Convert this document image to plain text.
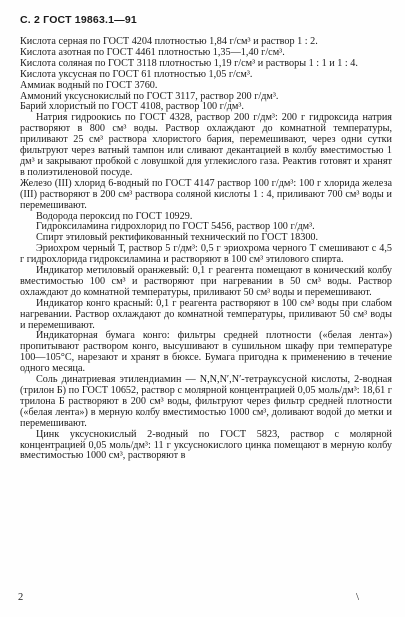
С. 2 ГОСТ 19863.1—91

Кислота серная по ГОСТ 4204 плотностью 1,84 г/см³ и раствор 1 : 2.

Кислота азотная по ГОСТ 4461 плотностью 1,35—1,40 г/см³.

Кислота соляная по ГОСТ 3118 плотностью 1,19 г/см³ и растворы 1 : 1 и 1 : 4.

Кислота уксусная по ГОСТ 61 плотностью 1,05 г/см³.

Аммиак водный по ГОСТ 3760.

Аммоний уксуснокислый по ГОСТ 3117, раствор 200 г/дм³.

Барий хлористый по ГОСТ 4108, раствор 100 г/дм³.

Натрия гидроокись по ГОСТ 4328, раствор 200 г/дм³: 200 г гидроксида натрия растворяют в 800 см³ воды. Раствор охлаждают до комнатной температуры, приливают 25 см³ раствора хлористого бария, перемешивают, через одни сутки фильтруют через ватный тампон или сливают декантацией в колбу вместимостью 1 дм³ и закрывают пробкой с ловушкой для углекислого газа. Реактив готовят и хранят в полиэтиленовой посуде.

Железо (III) хлорид 6-водный по ГОСТ 4147 раствор 100 г/дм³: 100 г хлорида железа (III) растворяют в 200 см³ раствора соляной кислоты 1 : 4, приливают 700 см³ воды и перемешивают.

Водорода пероксид по ГОСТ 10929.

Гидроксиламина гидрохлорид по ГОСТ 5456, раствор 100 г/дм³.

Спирт этиловый ректификованный технический по ГОСТ 18300.

Эриохром черный Т, раствор 5 г/дм³: 0,5 г эриохрома черного Т смешивают с 4,5 г гидрохлорида гидроксиламина и растворяют в 100 см³ этилового спирта.

Индикатор метиловый оранжевый: 0,1 г реагента помещают в конический колбу вместимостью 100 см³ и растворяют при нагревании в 50 см³ воды. Раствор охлаждают до комнатной температуры, приливают 50 см³ воды и перемешивают.

Индикатор конго красный: 0,1 г реагента растворяют в 100 см³ воды при слабом нагревании. Раствор охлаждают до комнатной температуры, приливают 50 см³ воды и перемешивают.

Индикаторная бумага конго: фильтры средней плотности («белая лента») пропитывают раствором конго, высушивают в сушильном шкафу при температуре 100—105°С, нарезают и хранят в бюксе. Бумага пригодна к применению в течение одного месяца.

Соль динатриевая этилендиамин — N,N,N′,N′-тетрауксусной кислоты, 2-водная (трилон Б) по ГОСТ 10652, раствор с молярной концентрацией 0,05 моль/дм³: 18,61 г трилона Б растворяют в 200 см³ воды, фильтруют через фильтр средней плотности («белая лента») в мерную колбу вместимостью 1000 см³, доливают водой до метки и перемешивают.

Цинк уксуснокислый 2-водный по ГОСТ 5823, раствор с молярной концентрацией 0,05 моль/дм³: 11 г уксуснокислого цинка помещают в мерную колбу вместимостью 1000 см³, растворяют в

2	\
